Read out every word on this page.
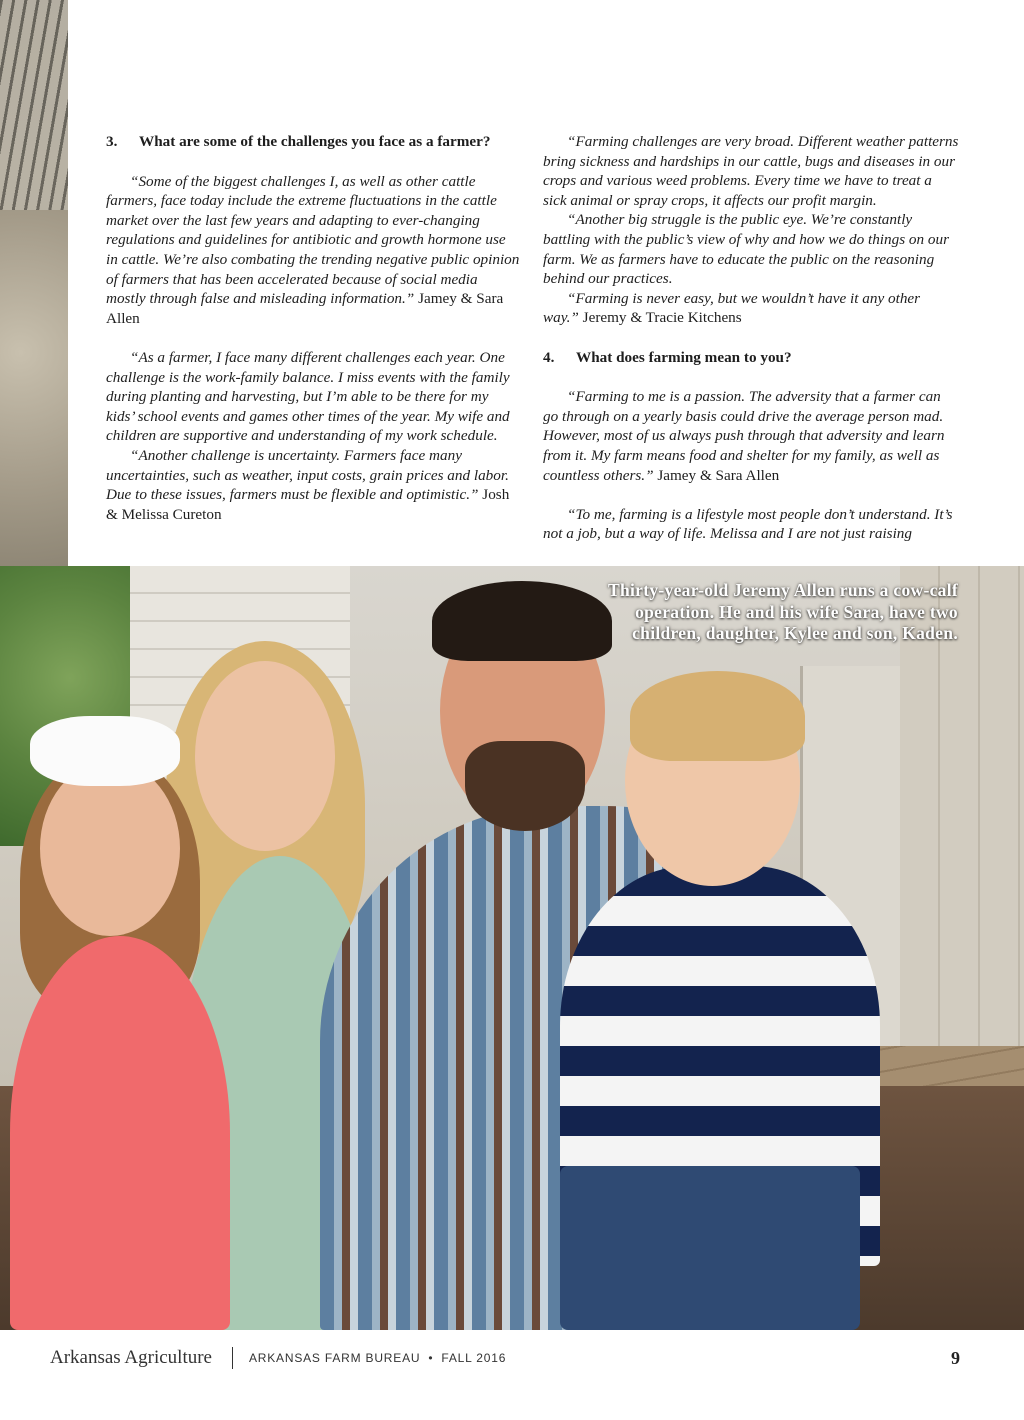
3.	What are some of the challenges you face as a farmer?

“Some of the biggest challenges I, as well as other cattle farmers, face today include the extreme fluctuations in the cattle market over the last few years and adapting to ever-changing regulations and guidelines for antibiotic and growth hormone use in cattle. We’re also combating the trending negative public opinion of farmers that has been accelerated because of social media mostly through false and misleading information.” Jamey & Sara Allen

“As a farmer, I face many different challenges each year. One challenge is the work-family balance. I miss events with the family during planting and harvesting, but I’m able to be there for my kids’ school events and games other times of the year. My wife and children are supportive and understanding of my work schedule.

“Another challenge is uncertainty. Farmers face many uncertainties, such as weather, input costs, grain prices and labor. Due to these issues, farmers must be flexible and optimistic.” Josh & Melissa Cureton

“Farming challenges are very broad. Different weather patterns bring sickness and hardships in our cattle, bugs and diseases in our crops and various weed problems. Every time we have to treat a sick animal or spray crops, it affects our profit margin.

“Another big struggle is the public eye. We’re constantly battling with the public’s view of why and how we do things on our farm. We as farmers have to educate the public on the reasoning behind our practices.

“Farming is never easy, but we wouldn’t have it any other way.” Jeremy & Tracie Kitchens

4.	What does farming mean to you?

“Farming to me is a passion. The adversity that a farmer can go through on a yearly basis could drive the average person mad. However, most of us always push through that adversity and learn from it. My farm means food and shelter for my family, as well as countless others.” Jamey & Sara Allen

“To me, farming is a lifestyle most people don’t understand. It’s not a job, but a way of life. Melissa and I are not just raising

Thirty-year-old Jeremy Allen runs a cow-calf operation. He and his wife Sara, have two children, daughter, Kylee and son, Kaden.
Arkansas Agriculture	ARKANSAS FARM BUREAU • FALL 2016	9
